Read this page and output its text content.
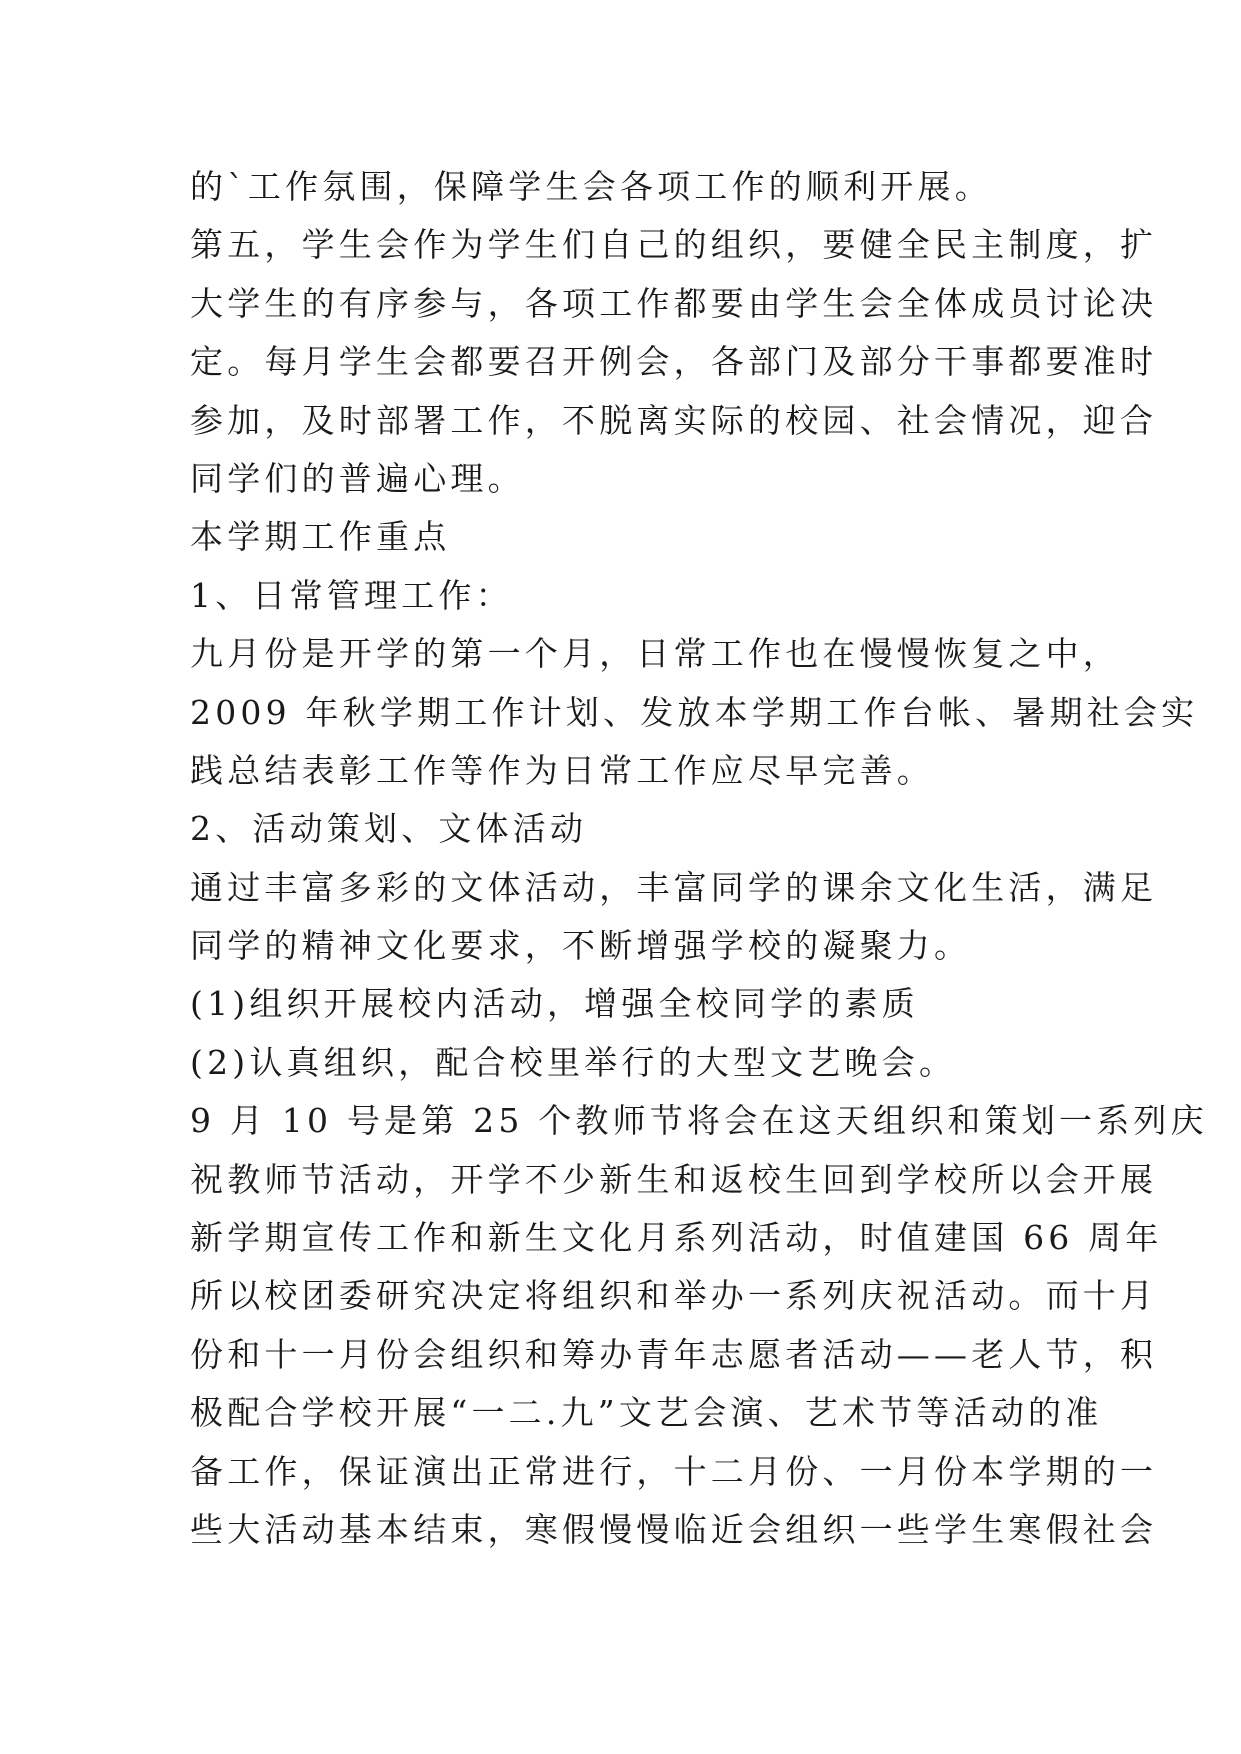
的`工作氛围，保障学生会各项工作的顺利开展。
第五，学生会作为学生们自己的组织，要健全民主制度，扩
大学生的有序参与，各项工作都要由学生会全体成员讨论决
定。每月学生会都要召开例会，各部门及部分干事都要准时
参加，及时部署工作，不脱离实际的校园、社会情况，迎合
同学们的普遍心理。
本学期工作重点
1、日常管理工作：
九月份是开学的第一个月，日常工作也在慢慢恢复之中，
2009 年秋学期工作计划、发放本学期工作台帐、暑期社会实
践总结表彰工作等作为日常工作应尽早完善。
2、活动策划、文体活动
通过丰富多彩的文体活动，丰富同学的课余文化生活，满足
同学的精神文化要求，不断增强学校的凝聚力。
(1)组织开展校内活动，增强全校同学的素质
(2)认真组织，配合校里举行的大型文艺晚会。
9 月 10 号是第 25 个教师节将会在这天组织和策划一系列庆
祝教师节活动，开学不少新生和返校生回到学校所以会开展
新学期宣传工作和新生文化月系列活动，时值建国 66 周年
所以校团委研究决定将组织和举办一系列庆祝活动。而十月
份和十一月份会组织和筹办青年志愿者活动——老人节，积
极配合学校开展“一二.九”文艺会演、艺术节等活动的准
备工作，保证演出正常进行，十二月份、一月份本学期的一
些大活动基本结束，寒假慢慢临近会组织一些学生寒假社会
